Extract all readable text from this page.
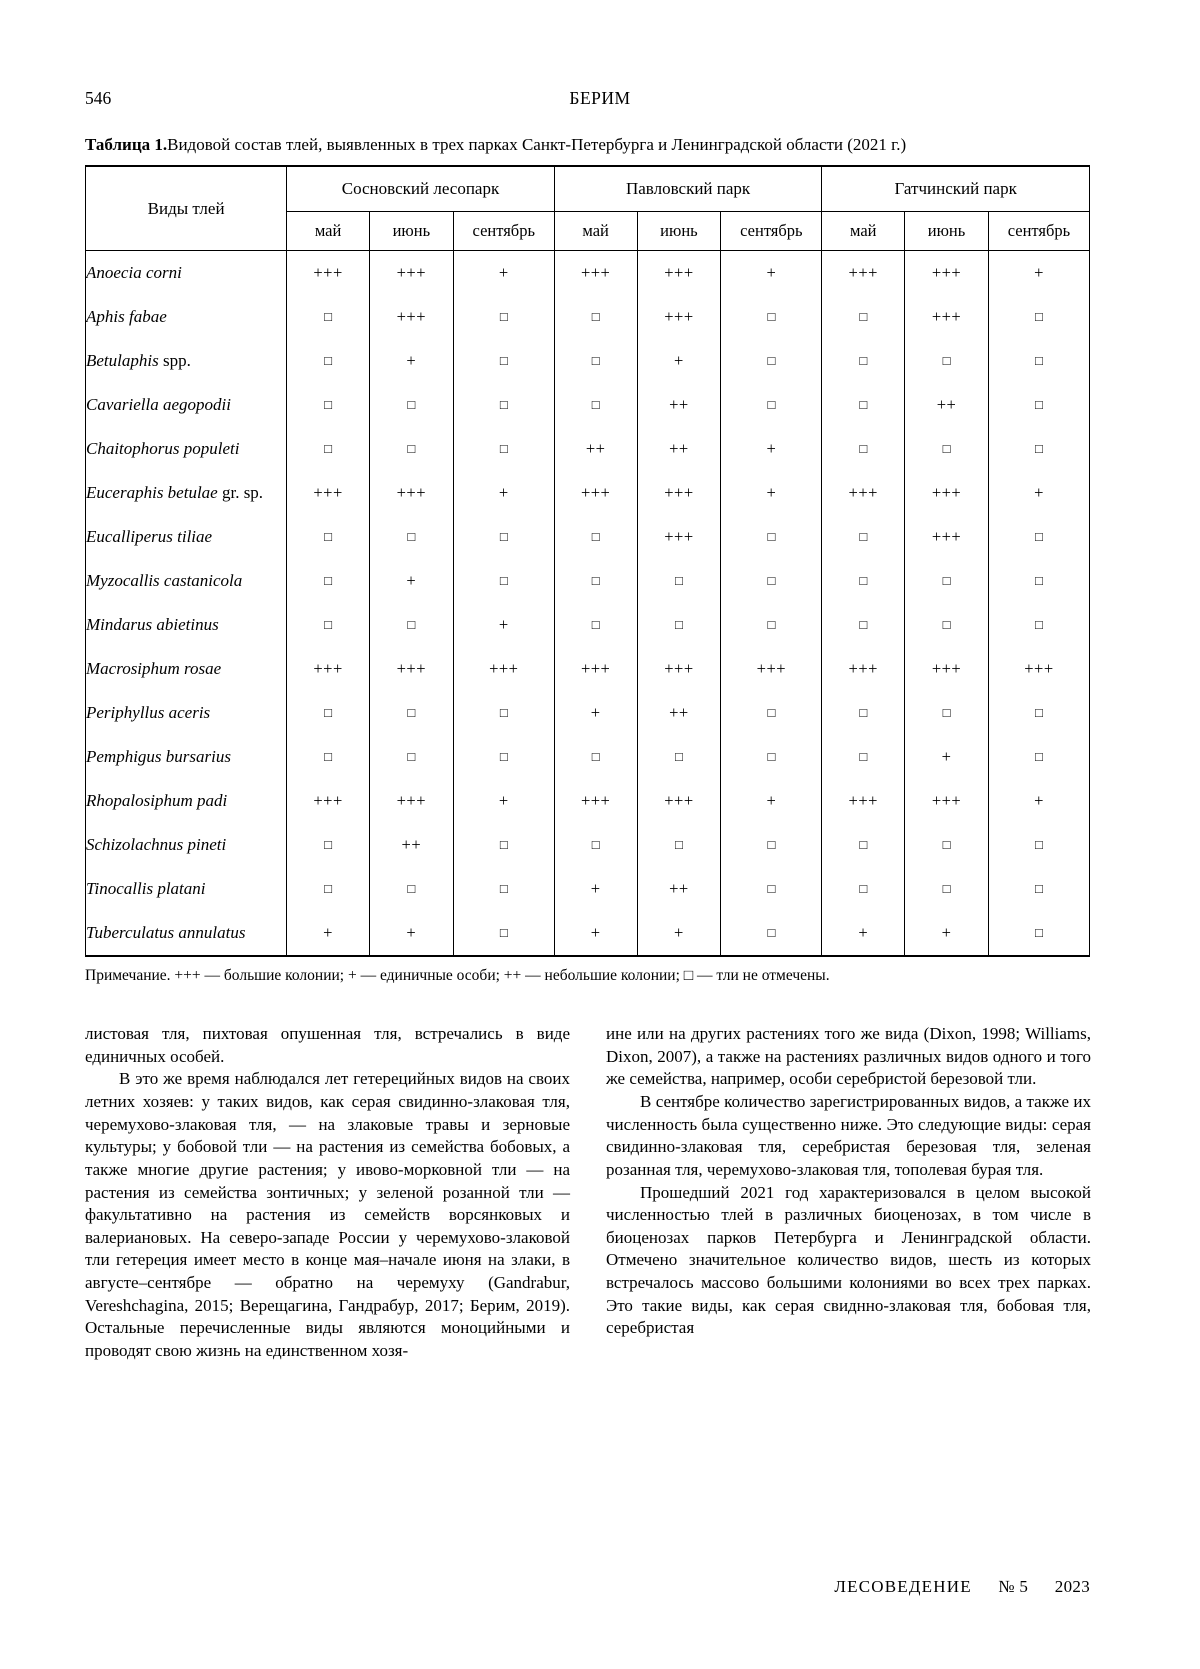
546	БЕРИМ
Таблица 1.Видовой состав тлей, выявленных в трех парках Санкт-Петербурга и Ленинградской области (2021 г.)
Виды тлей	Сосновский лесопарк			Павловский парк			Гатчинский парк		
	май	июнь	сентябрь	май	июнь	сентябрь	май	июнь	сентябрь
Anoecia corni	+++	+++	+	+++	+++	+	+++	+++	+
Aphis fabae	□	+++	□	□	+++	□	□	+++	□
Betulaphis spp.	□	+	□	□	+	□	□	□	□
Cavariella aegopodii	□	□	□	□	++	□	□	++	□
Chaitophorus populeti	□	□	□	++	++	+	□	□	□
Euceraphis betulae gr. sp.	+++	+++	+	+++	+++	+	+++	+++	+
Eucalliperus tiliae	□	□	□	□	+++	□	□	+++	□
Myzocallis castanicola	□	+	□	□	□	□	□	□	□
Mindarus abietinus	□	□	+	□	□	□	□	□	□
Macrosiphum rosae	+++	+++	+++	+++	+++	+++	+++	+++	+++
Periphyllus aceris	□	□	□	+	++	□	□	□	□
Pemphigus bursarius	□	□	□	□	□	□	□	+	□
Rhopalosiphum padi	+++	+++	+	+++	+++	+	+++	+++	+
Schizolachnus pineti	□	++	□	□	□	□	□	□	□
Tinocallis platani	□	□	□	+	++	□	□	□	□
Tuberculatus annulatus	+	+	□	+	+	□	+	+	□
Примечание. +++ — большие колонии; + — единичные особи; ++ — небольшие колонии; □ — тли не отмечены.

листовая тля, пихтовая опушенная тля, встречались в виде единичных особей.

В это же время наблюдался лет гетерецийных видов на своих летних хозяев: у таких видов, как серая свидинно-злаковая тля, черемухово-злаковая тля, — на злаковые травы и зерновые культуры; у бобовой тли — на растения из семейства бобовых, а также многие другие растения; у ивово-морковной тли — на растения из семейства зонтичных; у зеленой розанной тли — факультативно на растения из семейств ворсянковых и валериановых. На северо-западе России у черемухово-злаковой тли гетереция имеет место в конце мая–начале июня на злаки, в августе–сентябре — обратно на черемуху (Gandrabur, Vereshchagina, 2015; Верещагина, Гандрабур, 2017; Берим, 2019). Остальные перечисленные виды являются моноцийными и проводят свою жизнь на единственном хозя-

ине или на других растениях того же вида (Dixon, 1998; Williams, Dixon, 2007), а также на растениях различных видов одного и того же семейства, например, особи серебристой березовой тли.

В сентябре количество зарегистрированных видов, а также их численность была существенно ниже. Это следующие виды: серая свидинно-злаковая тля, серебристая березовая тля, зеленая розанная тля, черемухово-злаковая тля, тополевая бурая тля.

Прошедший 2021 год характеризовался в целом высокой численностью тлей в различных биоценозах, в том числе в биоценозах парков Петербурга и Ленинградской области. Отмечено значительное количество видов, шесть из которых встречалось массово большими колониями во всех трех парках. Это такие виды, как серая свиднно-злаковая тля, бобовая тля, серебристая

ЛЕСОВЕДЕНИЕ № 5 2023
